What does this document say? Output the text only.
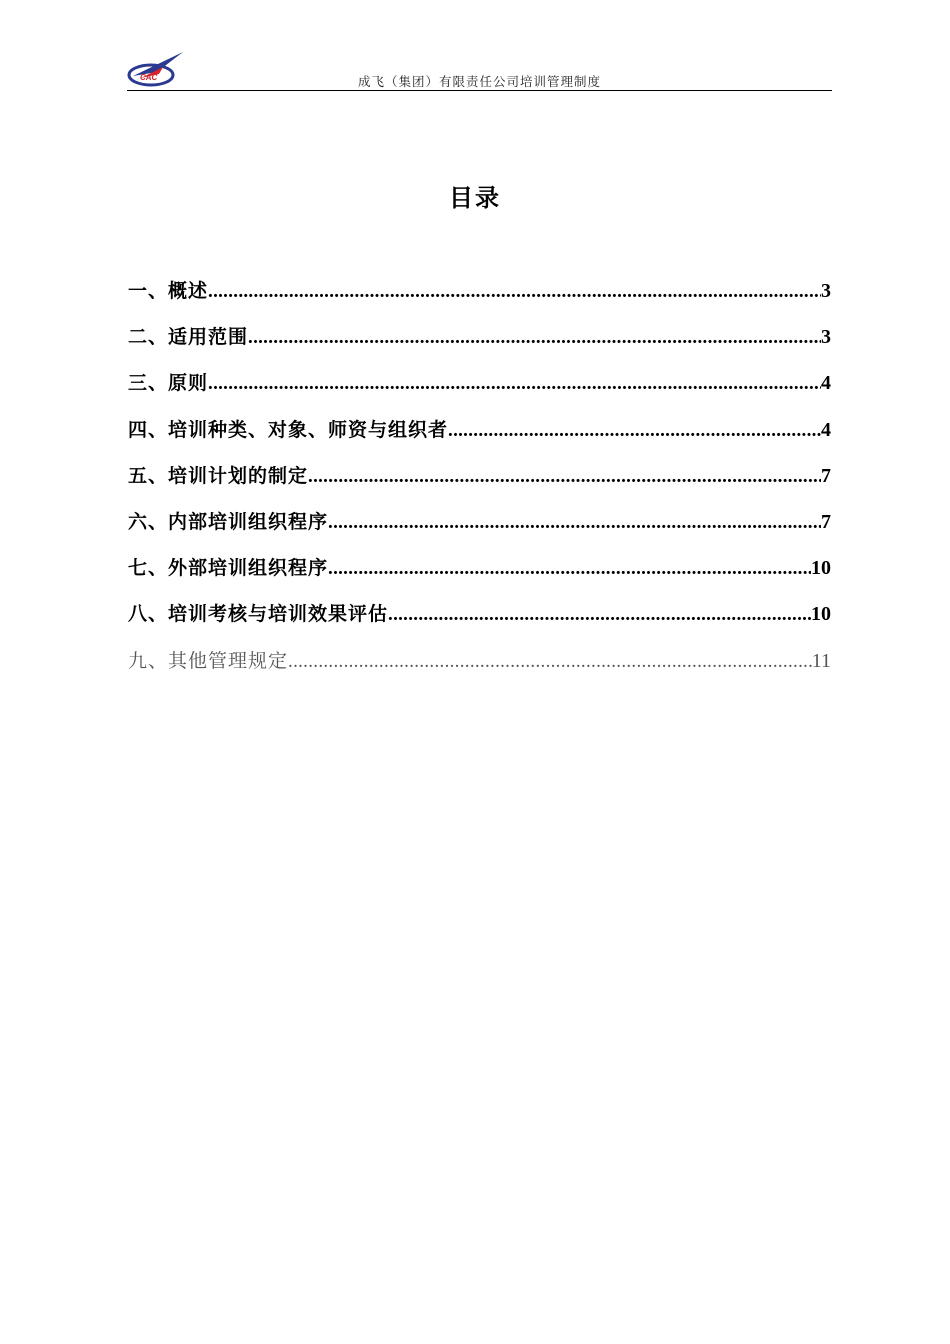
CAC	成飞（集团）有限责任公司培训管理制度
目录
一、概述 .....	3
二、适用范围 .....	3
三、原则 .....	4
四、培训种类、对象、师资与组织者 .....	4
五、培训计划的制定 .....	7
六、内部培训组织程序 .....	7
七、外部培训组织程序 .....	10
八、培训考核与培训效果评估 .....	10
九、其他管理规定 .....	11
